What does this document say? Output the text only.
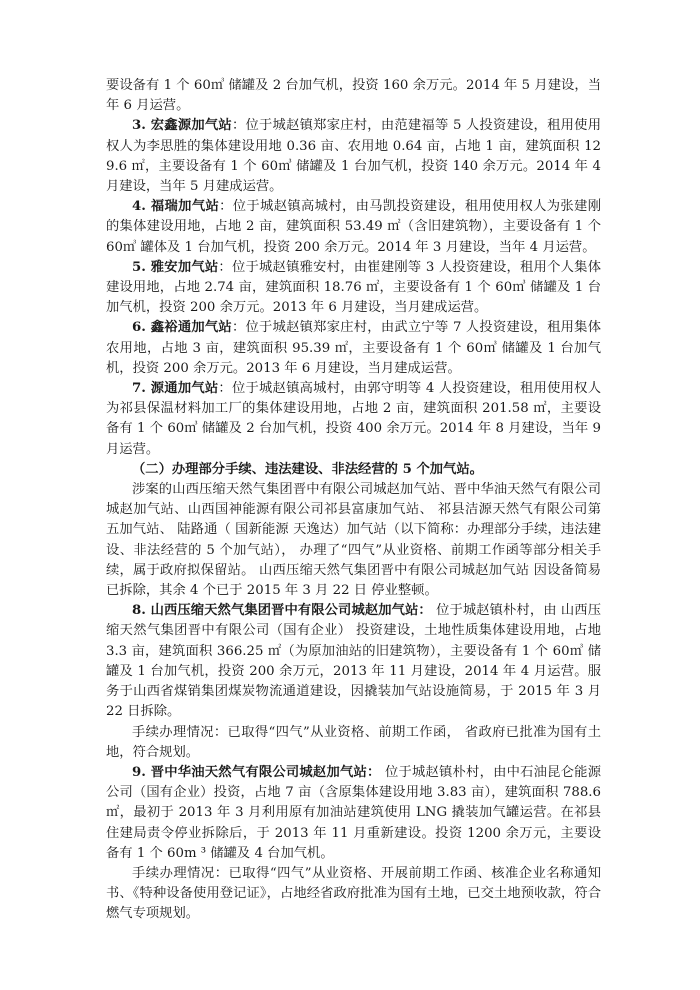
要设备有 1 个 60㎥ 储罐及 2 台加气机，投资 160 余万元。2014 年 5 月建设，当 年 6 月运营。

3. 宏鑫源加气站：位于城赵镇郑家庄村，由范建福等 5 人投资建设，租用使用权人为李思胜的集体建设用地 0.36 亩、农用地 0.64 亩，占地 1 亩，建筑面积 129.6 ㎡，主要设备有 1 个 60㎥ 储罐及 1 台加气机，投资 140 余万元。2014 年 4 月建设，当年 5 月建成运营。

4. 福瑞加气站：位于城赵镇高城村，由马凯投资建设，租用使用权人为张建刚的集体建设用地，占地 2 亩，建筑面积 53.49 ㎡（含旧建筑物），主要设备有 1 个 60㎥ 罐体及 1 台加气机，投资 200 余万元。2014 年 3 月建设，当年 4 月运营。

5. 雅安加气站：位于城赵镇雅安村，由崔建刚等 3 人投资建设，租用个人集体建设用地，占地 2.74 亩，建筑面积 18.76 ㎡，主要设备有 1 个 60㎥ 储罐及 1 台加气机，投资 200 余万元。2013 年 6 月建设，当月建成运营。

6. 鑫裕通加气站：位于城赵镇郑家庄村，由武立宁等 7 人投资建设，租用集体农用地，占地 3 亩，建筑面积 95.39 ㎡，主要设备有 1 个 60㎥ 储罐及 1 台加气机，投资 200 余万元。2013 年 6 月建设，当月建成运营。

7. 源通加气站：位于城赵镇高城村，由郭守明等 4 人投资建设，租用使用权人为祁县保温材料加工厂的集体建设用地，占地 2 亩，建筑面积 201.58 ㎡，主要设备有 1 个 60㎥ 储罐及 2 台加气机，投资 400 余万元。2014 年 8 月建设，当年 9 月运营。

（二）办理部分手续、违法建设、非法经营的 5 个加气站。

涉案的山西压缩天然气集团晋中有限公司城赵加气站、晋中华油天然气有限公司城赵加气站、山西国神能源有限公司祁县富康加气站、 祁县洁源天然气有限公司第五加气站、 陆路通（ 国新能源 天逸达）加气站（以下简称：办理部分手续，违法建设、非法经营的 5 个加气站）， 办理了“四气”从业资格、前期工作函等部分相关手续，属于政府拟保留站。 山西压缩天然气集团晋中有限公司城赵加气站 因设备简易已拆除，其余 4 个已于 2015 年 3 月 22 日 停业整顿。

8. 山西压缩天然气集团晋中有限公司城赵加气站： 位于城赵镇朴村，由 山西压缩天然气集团晋中有限公司（国有企业） 投资建设，土地性质集体建设用地，占地 3.3 亩，建筑面积 366.25 ㎡（为原加油站的旧建筑物），主要设备有 1 个 60㎥ 储罐及 1 台加气机，投资 200 余万元，2013 年 11 月建设，2014 年 4 月运营。服务于山西省煤销集团煤炭物流通道建设，因撬装加气站设施简易，于 2015 年 3 月 22 日拆除。

手续办理情况：已取得“四气”从业资格、前期工作函， 省政府已批准为国有土地，符合规划。

9. 晋中华油天然气有限公司城赵加气站： 位于城赵镇朴村，由中石油昆仑能源公司（国有企业）投资，占地 7 亩（含原集体建设用地 3.83 亩），建筑面积 788.6 ㎡，最初于 2013 年 3 月利用原有加油站建筑使用 LNG 撬装加气罐运营。在祁县住建局责令停业拆除后，于 2013 年 11 月重新建设。投资 1200 余万元，主要设备有 1 个 60m ³ 储罐及 4 台加气机。

手续办理情况：已取得“四气”从业资格、开展前期工作函、核准企业名称通知书、《特种设备使用登记证》，占地经省政府批准为国有土地，已交土地预收款，符合燃气专项规划。
